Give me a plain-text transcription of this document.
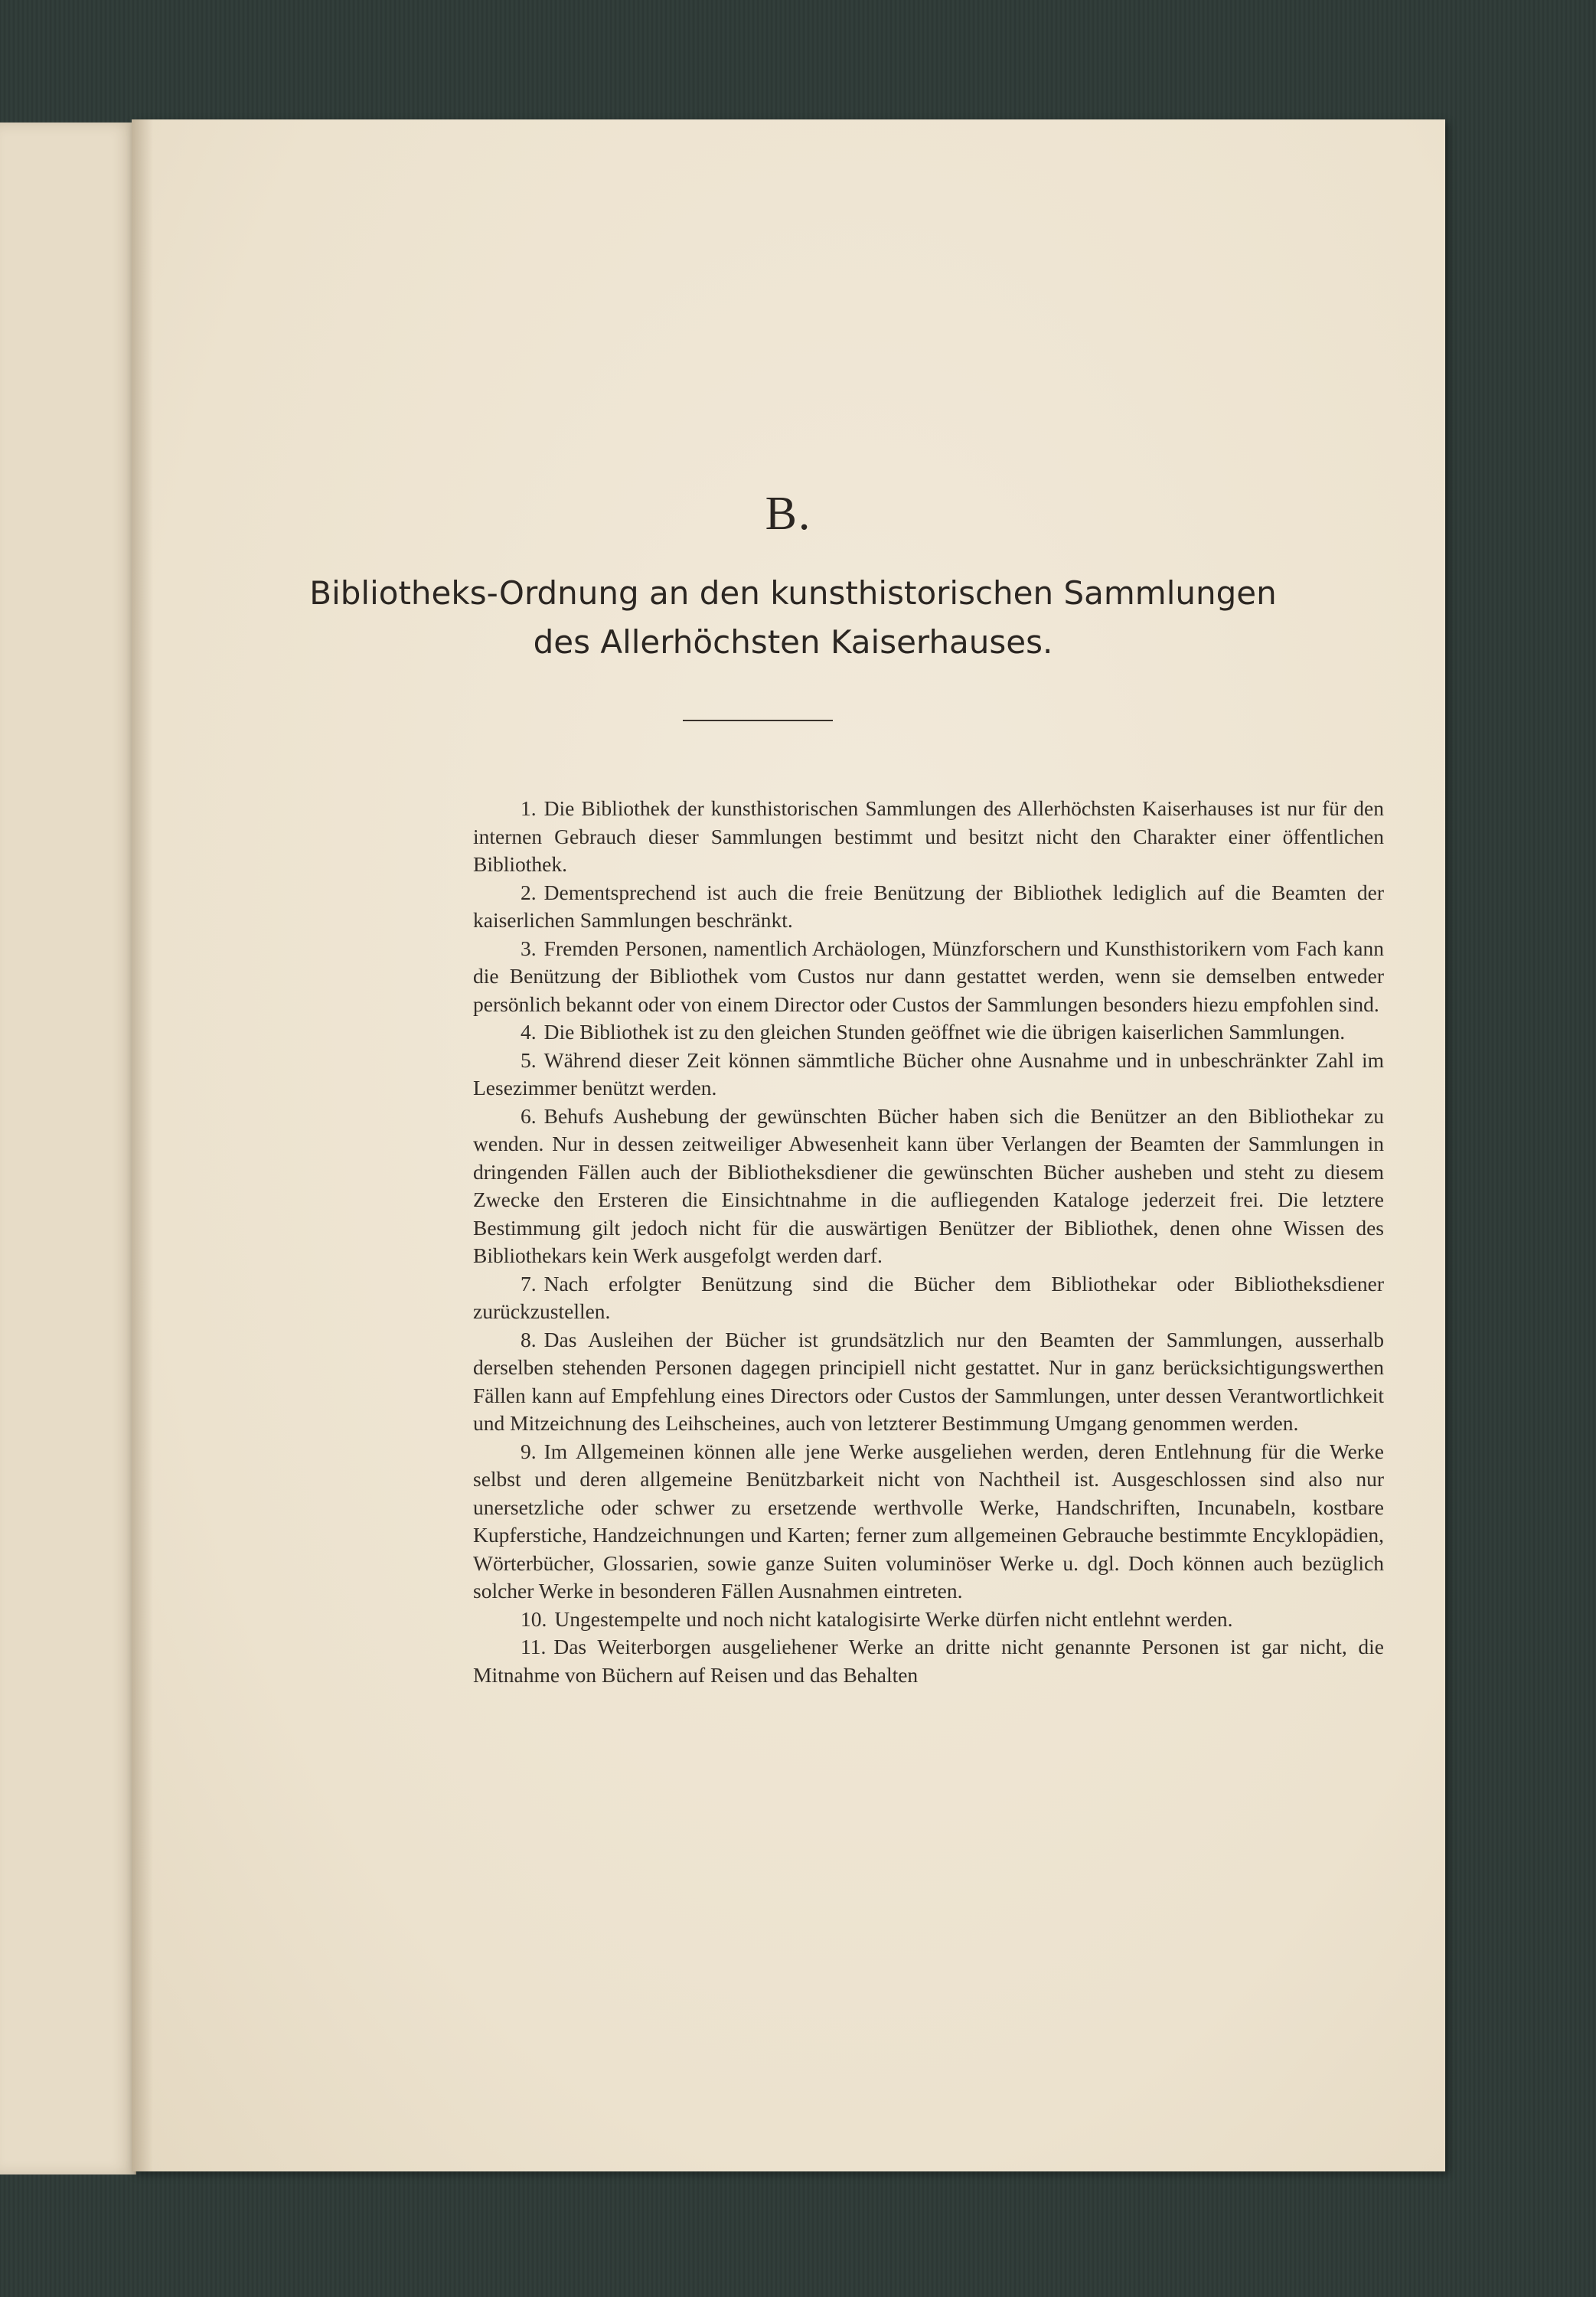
B.
Bibliotheks-Ordnung an den kunsthistorischen Sammlungen
des Allerhöchsten Kaiserhauses.

1. Die Bibliothek der kunsthistorischen Sammlungen des Allerhöchsten Kaiserhauses ist nur für den internen Gebrauch dieser Sammlungen bestimmt und besitzt nicht den Charakter einer öffentlichen Bibliothek.

2. Dementsprechend ist auch die freie Benützung der Bibliothek lediglich auf die Beamten der kaiserlichen Sammlungen beschränkt.

3. Fremden Personen, namentlich Archäologen, Münzforschern und Kunsthistorikern vom Fach kann die Benützung der Bibliothek vom Custos nur dann gestattet werden, wenn sie demselben entweder persönlich bekannt oder von einem Director oder Custos der Sammlungen besonders hiezu empfohlen sind.

4. Die Bibliothek ist zu den gleichen Stunden geöffnet wie die übrigen kaiserlichen Sammlungen.

5. Während dieser Zeit können sämmtliche Bücher ohne Ausnahme und in unbeschränkter Zahl im Lesezimmer benützt werden.

6. Behufs Aushebung der gewünschten Bücher haben sich die Benützer an den Bibliothekar zu wenden. Nur in dessen zeitweiliger Abwesenheit kann über Verlangen der Beamten der Sammlungen in dringenden Fällen auch der Bibliotheksdiener die gewünschten Bücher ausheben und steht zu diesem Zwecke den Ersteren die Einsichtnahme in die aufliegenden Kataloge jederzeit frei. Die letztere Bestimmung gilt jedoch nicht für die auswärtigen Benützer der Bibliothek, denen ohne Wissen des Bibliothekars kein Werk ausgefolgt werden darf.

7. Nach erfolgter Benützung sind die Bücher dem Bibliothekar oder Bibliotheksdiener zurückzustellen.

8. Das Ausleihen der Bücher ist grundsätzlich nur den Beamten der Sammlungen, ausserhalb derselben stehenden Personen dagegen principiell nicht gestattet. Nur in ganz berücksichtigungswerthen Fällen kann auf Empfehlung eines Directors oder Custos der Sammlungen, unter dessen Verantwortlichkeit und Mitzeichnung des Leihscheines, auch von letzterer Bestimmung Umgang genommen werden.

9. Im Allgemeinen können alle jene Werke ausgeliehen werden, deren Entlehnung für die Werke selbst und deren allgemeine Benützbarkeit nicht von Nachtheil ist. Ausgeschlossen sind also nur unersetzliche oder schwer zu ersetzende werthvolle Werke, Handschriften, Incunabeln, kostbare Kupferstiche, Handzeichnungen und Karten; ferner zum allgemeinen Gebrauche bestimmte Encyklopädien, Wörterbücher, Glossarien, sowie ganze Suiten voluminöser Werke u. dgl. Doch können auch bezüglich solcher Werke in besonderen Fällen Ausnahmen eintreten.

10. Ungestempelte und noch nicht katalogisirte Werke dürfen nicht entlehnt werden.

11. Das Weiterborgen ausgeliehener Werke an dritte nicht genannte Personen ist gar nicht, die Mitnahme von Büchern auf Reisen und das Behalten
